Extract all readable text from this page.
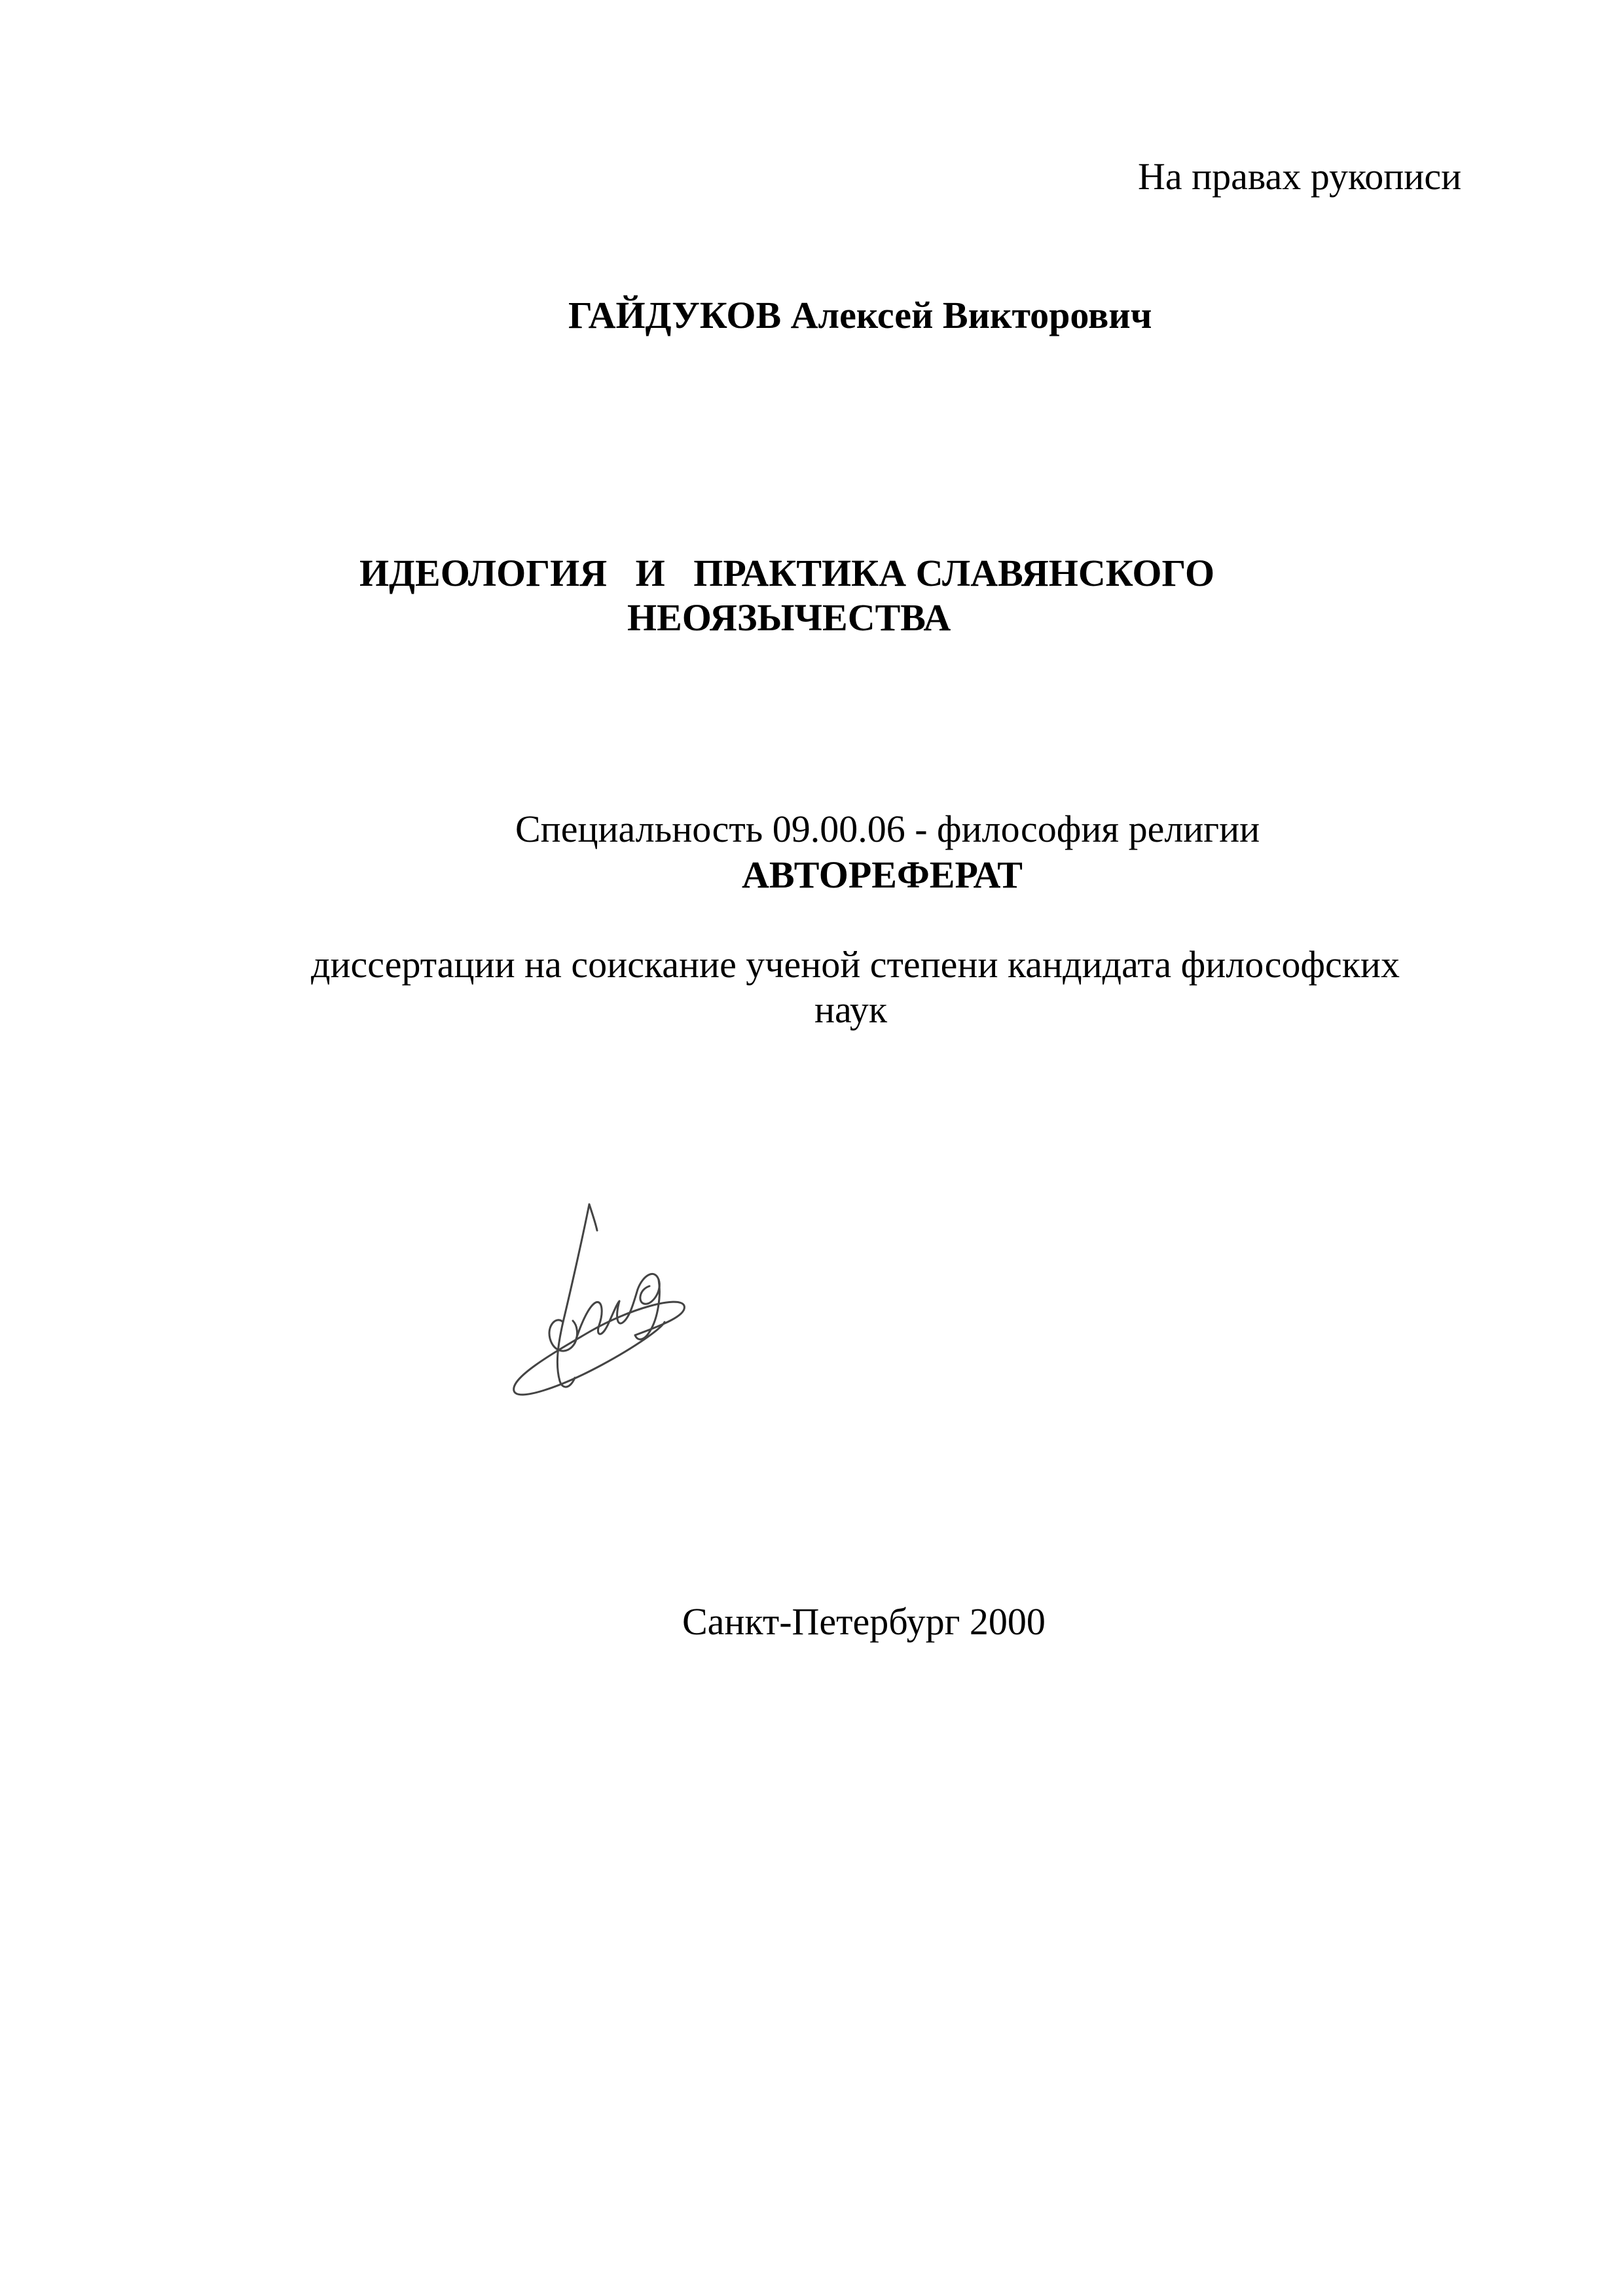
На правах рукописи
ГАЙДУКОВ Алексей Викторович
ИДЕОЛОГИЯ   И   ПРАКТИКА СЛАВЯНСКОГО
НЕОЯЗЫЧЕСТВА
Специальность 09.00.06 - философия религии
АВТОРЕФЕРАТ
диссертации на соискание ученой степени кандидата философских
наук
Санкт-Петербург 2000
